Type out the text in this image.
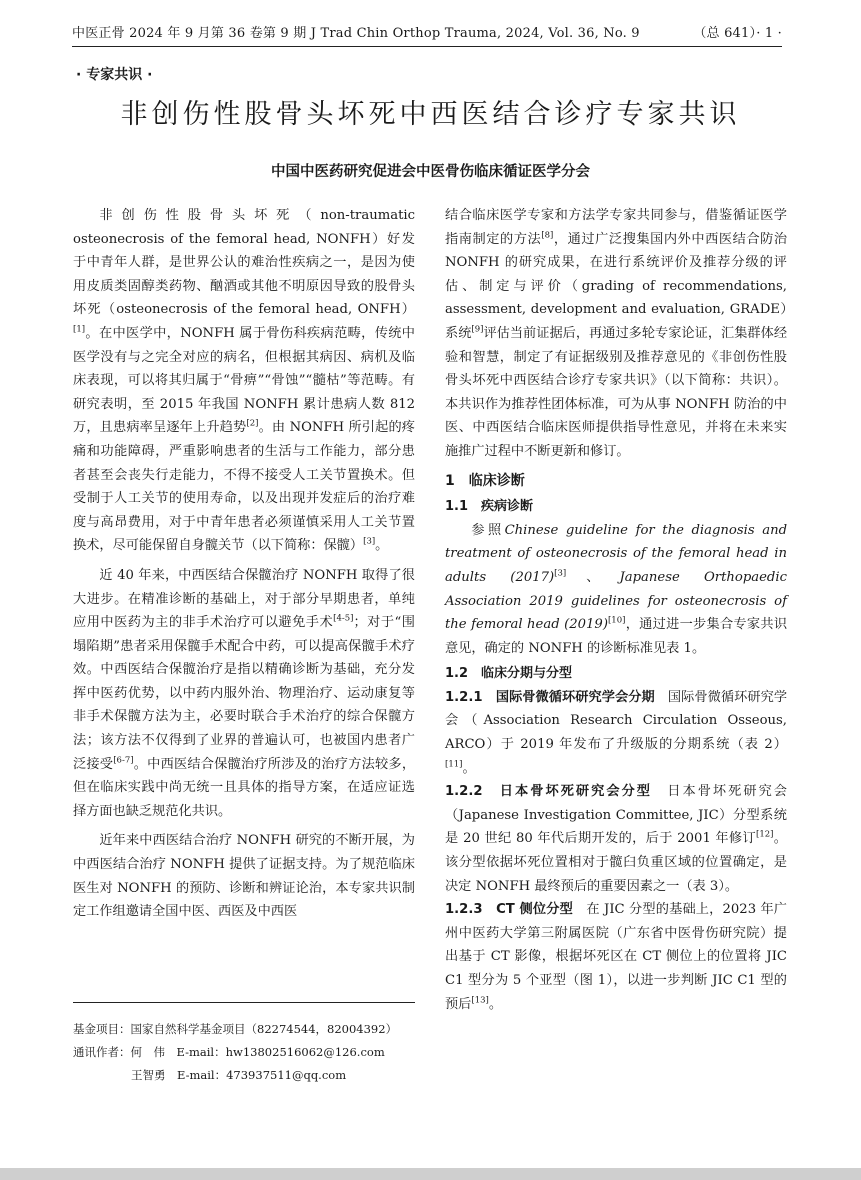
中医正骨 2024 年 9 月第 36 卷第 9 期 J Trad Chin Orthop Trauma, 2024, Vol. 36, No. 9	（总 641）· 1 ·
· 专家共识 ·
非创伤性股骨头坏死中西医结合诊疗专家共识
中国中医药研究促进会中医骨伤临床循证医学分会

非创伤性股骨头坏死（non-traumatic osteonecrosis of the femoral head, NONFH）好发于中青年人群，是世界公认的难治性疾病之一，是因为使用皮质类固醇类药物、酗酒或其他不明原因导致的股骨头坏死（osteonecrosis of the femoral head, ONFH）[1]。在中医学中，NONFH 属于骨伤科疾病范畴，传统中医学没有与之完全对应的病名，但根据其病因、病机及临床表现，可以将其归属于“骨痹”“骨蚀”“髓枯”等范畴。有研究表明，至 2015 年我国 NONFH 累计患病人数 812 万，且患病率呈逐年上升趋势[2]。由 NONFH 所引起的疼痛和功能障碍，严重影响患者的生活与工作能力，部分患者甚至会丧失行走能力，不得不接受人工关节置换术。但受制于人工关节的使用寿命，以及出现并发症后的治疗难度与高昂费用，对于中青年患者必须谨慎采用人工关节置换术，尽可能保留自身髋关节（以下简称：保髋）[3]。

近 40 年来，中西医结合保髋治疗 NONFH 取得了很大进步。在精准诊断的基础上，对于部分早期患者，单纯应用中医药为主的非手术治疗可以避免手术[4-5]；对于“围塌陷期”患者采用保髋手术配合中药，可以提高保髋手术疗效。中西医结合保髋治疗是指以精确诊断为基础，充分发挥中医药优势，以中药内服外治、物理治疗、运动康复等非手术保髋方法为主，必要时联合手术治疗的综合保髋方法；该方法不仅得到了业界的普遍认可，也被国内患者广泛接受[6-7]。中西医结合保髋治疗所涉及的治疗方法较多，但在临床实践中尚无统一且具体的指导方案，在适应证选择方面也缺乏规范化共识。

近年来中西医结合治疗 NONFH 研究的不断开展，为中西医结合治疗 NONFH 提供了证据支持。为了规范临床医生对 NONFH 的预防、诊断和辨证论治，本专家共识制定工作组邀请全国中医、西医及中西医

基金项目：国家自然科学基金项目（82274544，82004392）
通讯作者：何　伟　E-mail：hw13802516062@126.com
王智勇　E-mail：473937511@qq.com

结合临床医学专家和方法学专家共同参与，借鉴循证医学指南制定的方法[8]，通过广泛搜集国内外中西医结合防治 NONFH 的研究成果，在进行系统评价及推荐分级的评估、制定与评价（grading of recommendations, assessment, development and evaluation, GRADE）系统[9]评估当前证据后，再通过多轮专家论证，汇集群体经验和智慧，制定了有证据级别及推荐意见的《非创伤性股骨头坏死中西医结合诊疗专家共识》（以下简称：共识）。本共识作为推荐性团体标准，可为从事 NONFH 防治的中医、中西医结合临床医师提供指导性意见，并将在未来实施推广过程中不断更新和修订。

1　临床诊断
1.1　疾病诊断

参照Chinese guideline for the diagnosis and treatment of osteonecrosis of the femoral head in adults (2017)[3]、Japanese Orthopaedic Association 2019 guidelines for osteonecrosis of the femoral head (2019)[10]，通过进一步集合专家共识意见，确定的 NONFH 的诊断标准见表 1。

1.2　临床分期与分型

1.2.1　国际骨微循环研究学会分期　国际骨微循环研究学会（Association Research Circulation Osseous, ARCO）于 2019 年发布了升级版的分期系统（表 2）[11]。

1.2.2　日本骨坏死研究会分型　日本骨坏死研究会（Japanese Investigation Committee, JIC）分型系统是 20 世纪 80 年代后期开发的，后于 2001 年修订[12]。该分型依据坏死位置相对于髋臼负重区域的位置确定，是决定 NONFH 最终预后的重要因素之一（表 3）。

1.2.3　CT 侧位分型　在 JIC 分型的基础上，2023 年广州中医药大学第三附属医院（广东省中医骨伤研究院）提出基于 CT 影像，根据坏死区在 CT 侧位上的位置将 JIC C1 型分为 5 个亚型（图 1），以进一步判断 JIC C1 型的预后[13]。
